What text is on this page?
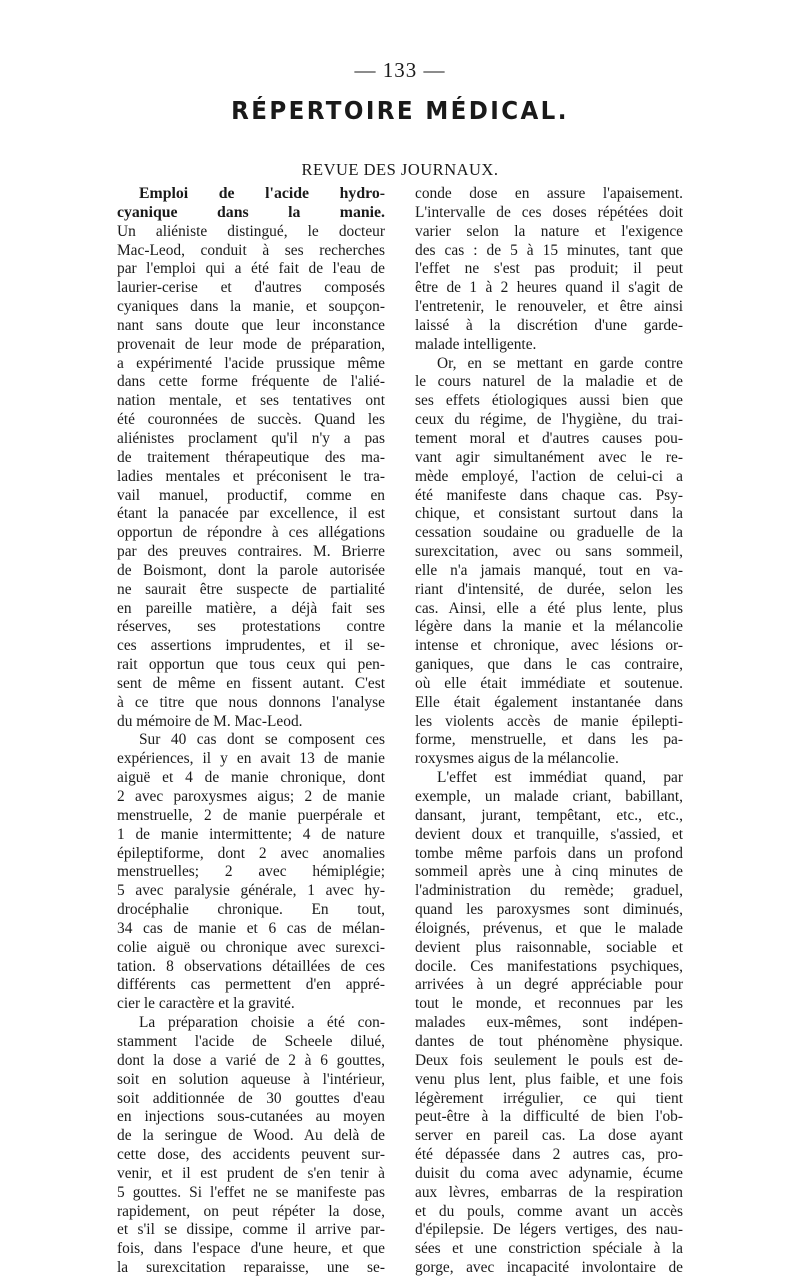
— 133 —
RÉPERTOIRE MÉDICAL.
REVUE DES JOURNAUX.
Emploi de l'acide hydro-
cyanique dans la manie.
Un aliéniste distingué, le docteur
Mac-Leod, conduit à ses recherches
par l'emploi qui a été fait de l'eau de
laurier-cerise et d'autres composés
cyaniques dans la manie, et soupçon-
nant sans doute que leur inconstance
provenait de leur mode de préparation,
a expérimenté l'acide prussique même
dans cette forme fréquente de l'alié-
nation mentale, et ses tentatives ont
été couronnées de succès. Quand les
aliénistes proclament qu'il n'y a pas
de traitement thérapeutique des ma-
ladies mentales et préconisent le tra-
vail manuel, productif, comme en
étant la panacée par excellence, il est
opportun de répondre à ces allégations
par des preuves contraires. M. Brierre
de Boismont, dont la parole autorisée
ne saurait être suspecte de partialité
en pareille matière, a déjà fait ses
réserves, ses protestations contre
ces assertions imprudentes, et il se-
rait opportun que tous ceux qui pen-
sent de même en fissent autant. C'est
à ce titre que nous donnons l'analyse
du mémoire de M. Mac-Leod.
Sur 40 cas dont se composent ces
expériences, il y en avait 13 de manie
aiguë et 4 de manie chronique, dont
2 avec paroxysmes aigus; 2 de manie
menstruelle, 2 de manie puerpérale et
1 de manie intermittente; 4 de nature
épileptiforme, dont 2 avec anomalies
menstruelles; 2 avec hémiplégie;
5 avec paralysie générale, 1 avec hy-
drocéphalie chronique. En tout,
34 cas de manie et 6 cas de mélan-
colie aiguë ou chronique avec surexci-
tation. 8 observations détaillées de ces
différents cas permettent d'en appré-
cier le caractère et la gravité.
La préparation choisie a été con-
stamment l'acide de Scheele dilué,
dont la dose a varié de 2 à 6 gouttes,
soit en solution aqueuse à l'intérieur,
soit additionnée de 30 gouttes d'eau
en injections sous-cutanées au moyen
de la seringue de Wood. Au delà de
cette dose, des accidents peuvent sur-
venir, et il est prudent de s'en tenir à
5 gouttes. Si l'effet ne se manifeste pas
rapidement, on peut répéter la dose,
et s'il se dissipe, comme il arrive par-
fois, dans l'espace d'une heure, et que
la surexcitation reparaisse, une se-
conde dose en assure l'apaisement.
L'intervalle de ces doses répétées doit
varier selon la nature et l'exigence
des cas : de 5 à 15 minutes, tant que
l'effet ne s'est pas produit; il peut
être de 1 à 2 heures quand il s'agit de
l'entretenir, le renouveler, et être ainsi
laissé à la discrétion d'une garde-
malade intelligente.
Or, en se mettant en garde contre
le cours naturel de la maladie et de
ses effets étiologiques aussi bien que
ceux du régime, de l'hygiène, du trai-
tement moral et d'autres causes pou-
vant agir simultanément avec le re-
mède employé, l'action de celui-ci a
été manifeste dans chaque cas. Psy-
chique, et consistant surtout dans la
cessation soudaine ou graduelle de la
surexcitation, avec ou sans sommeil,
elle n'a jamais manqué, tout en va-
riant d'intensité, de durée, selon les
cas. Ainsi, elle a été plus lente, plus
légère dans la manie et la mélancolie
intense et chronique, avec lésions or-
ganiques, que dans le cas contraire,
où elle était immédiate et soutenue.
Elle était également instantanée dans
les violents accès de manie épilepti-
forme, menstruelle, et dans les pa-
roxysmes aigus de la mélancolie.
L'effet est immédiat quand, par
exemple, un malade criant, babillant,
dansant, jurant, tempêtant, etc., etc.,
devient doux et tranquille, s'assied, et
tombe même parfois dans un profond
sommeil après une à cinq minutes de
l'administration du remède; graduel,
quand les paroxysmes sont diminués,
éloignés, prévenus, et que le malade
devient plus raisonnable, sociable et
docile. Ces manifestations psychiques,
arrivées à un degré appréciable pour
tout le monde, et reconnues par les
malades eux-mêmes, sont indépen-
dantes de tout phénomène physique.
Deux fois seulement le pouls est de-
venu plus lent, plus faible, et une fois
légèrement irrégulier, ce qui tient
peut-être à la difficulté de bien l'ob-
server en pareil cas. La dose ayant
été dépassée dans 2 autres cas, pro-
duisit du coma avec adynamie, écume
aux lèvres, embarras de la respiration
et du pouls, comme avant un accès
d'épilepsie. De légers vertiges, des nau-
sées et une constriction spéciale à la
gorge, avec incapacité involontaire de
